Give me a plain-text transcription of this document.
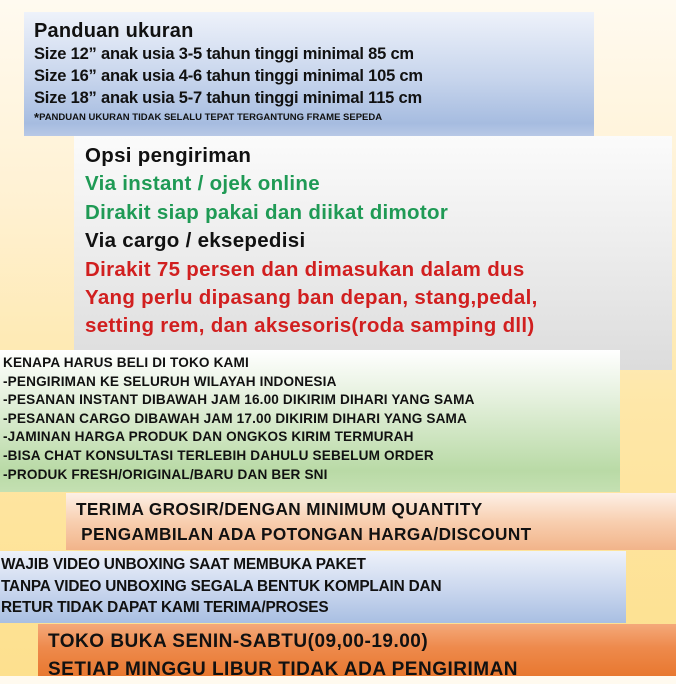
Panduan ukuran
Size 12” anak usia 3-5 tahun tinggi minimal 85 cm
Size 16” anak usia 4-6 tahun tinggi minimal 105 cm
Size 18” anak usia 5-7 tahun tinggi minimal 115 cm
*PANDUAN UKURAN TIDAK SELALU TEPAT TERGANTUNG FRAME SEPEDA
Opsi pengiriman
Via instant / ojek online
Dirakit siap pakai dan diikat dimotor
Via cargo / eksepedisi
Dirakit 75 persen dan dimasukan dalam dus
Yang perlu dipasang ban depan, stang,pedal,
setting rem, dan aksesoris(roda samping dll)
KENAPA HARUS BELI DI TOKO KAMI
-PENGIRIMAN KE SELURUH WILAYAH INDONESIA
-PESANAN INSTANT DIBAWAH JAM 16.00 DIKIRIM DIHARI YANG SAMA
-PESANAN CARGO DIBAWAH JAM 17.00 DIKIRIM DIHARI YANG SAMA
-JAMINAN HARGA PRODUK DAN ONGKOS KIRIM TERMURAH
-BISA CHAT KONSULTASI TERLEBIH DAHULU SEBELUM ORDER
-PRODUK FRESH/ORIGINAL/BARU DAN BER SNI
TERIMA GROSIR/DENGAN MINIMUM QUANTITY
PENGAMBILAN ADA POTONGAN HARGA/DISCOUNT
WAJIB VIDEO UNBOXING SAAT MEMBUKA PAKET
TANPA VIDEO UNBOXING SEGALA BENTUK KOMPLAIN DAN
RETUR TIDAK DAPAT KAMI TERIMA/PROSES
TOKO BUKA SENIN-SABTU(09,00-19.00)
SETIAP MINGGU LIBUR TIDAK ADA PENGIRIMAN
